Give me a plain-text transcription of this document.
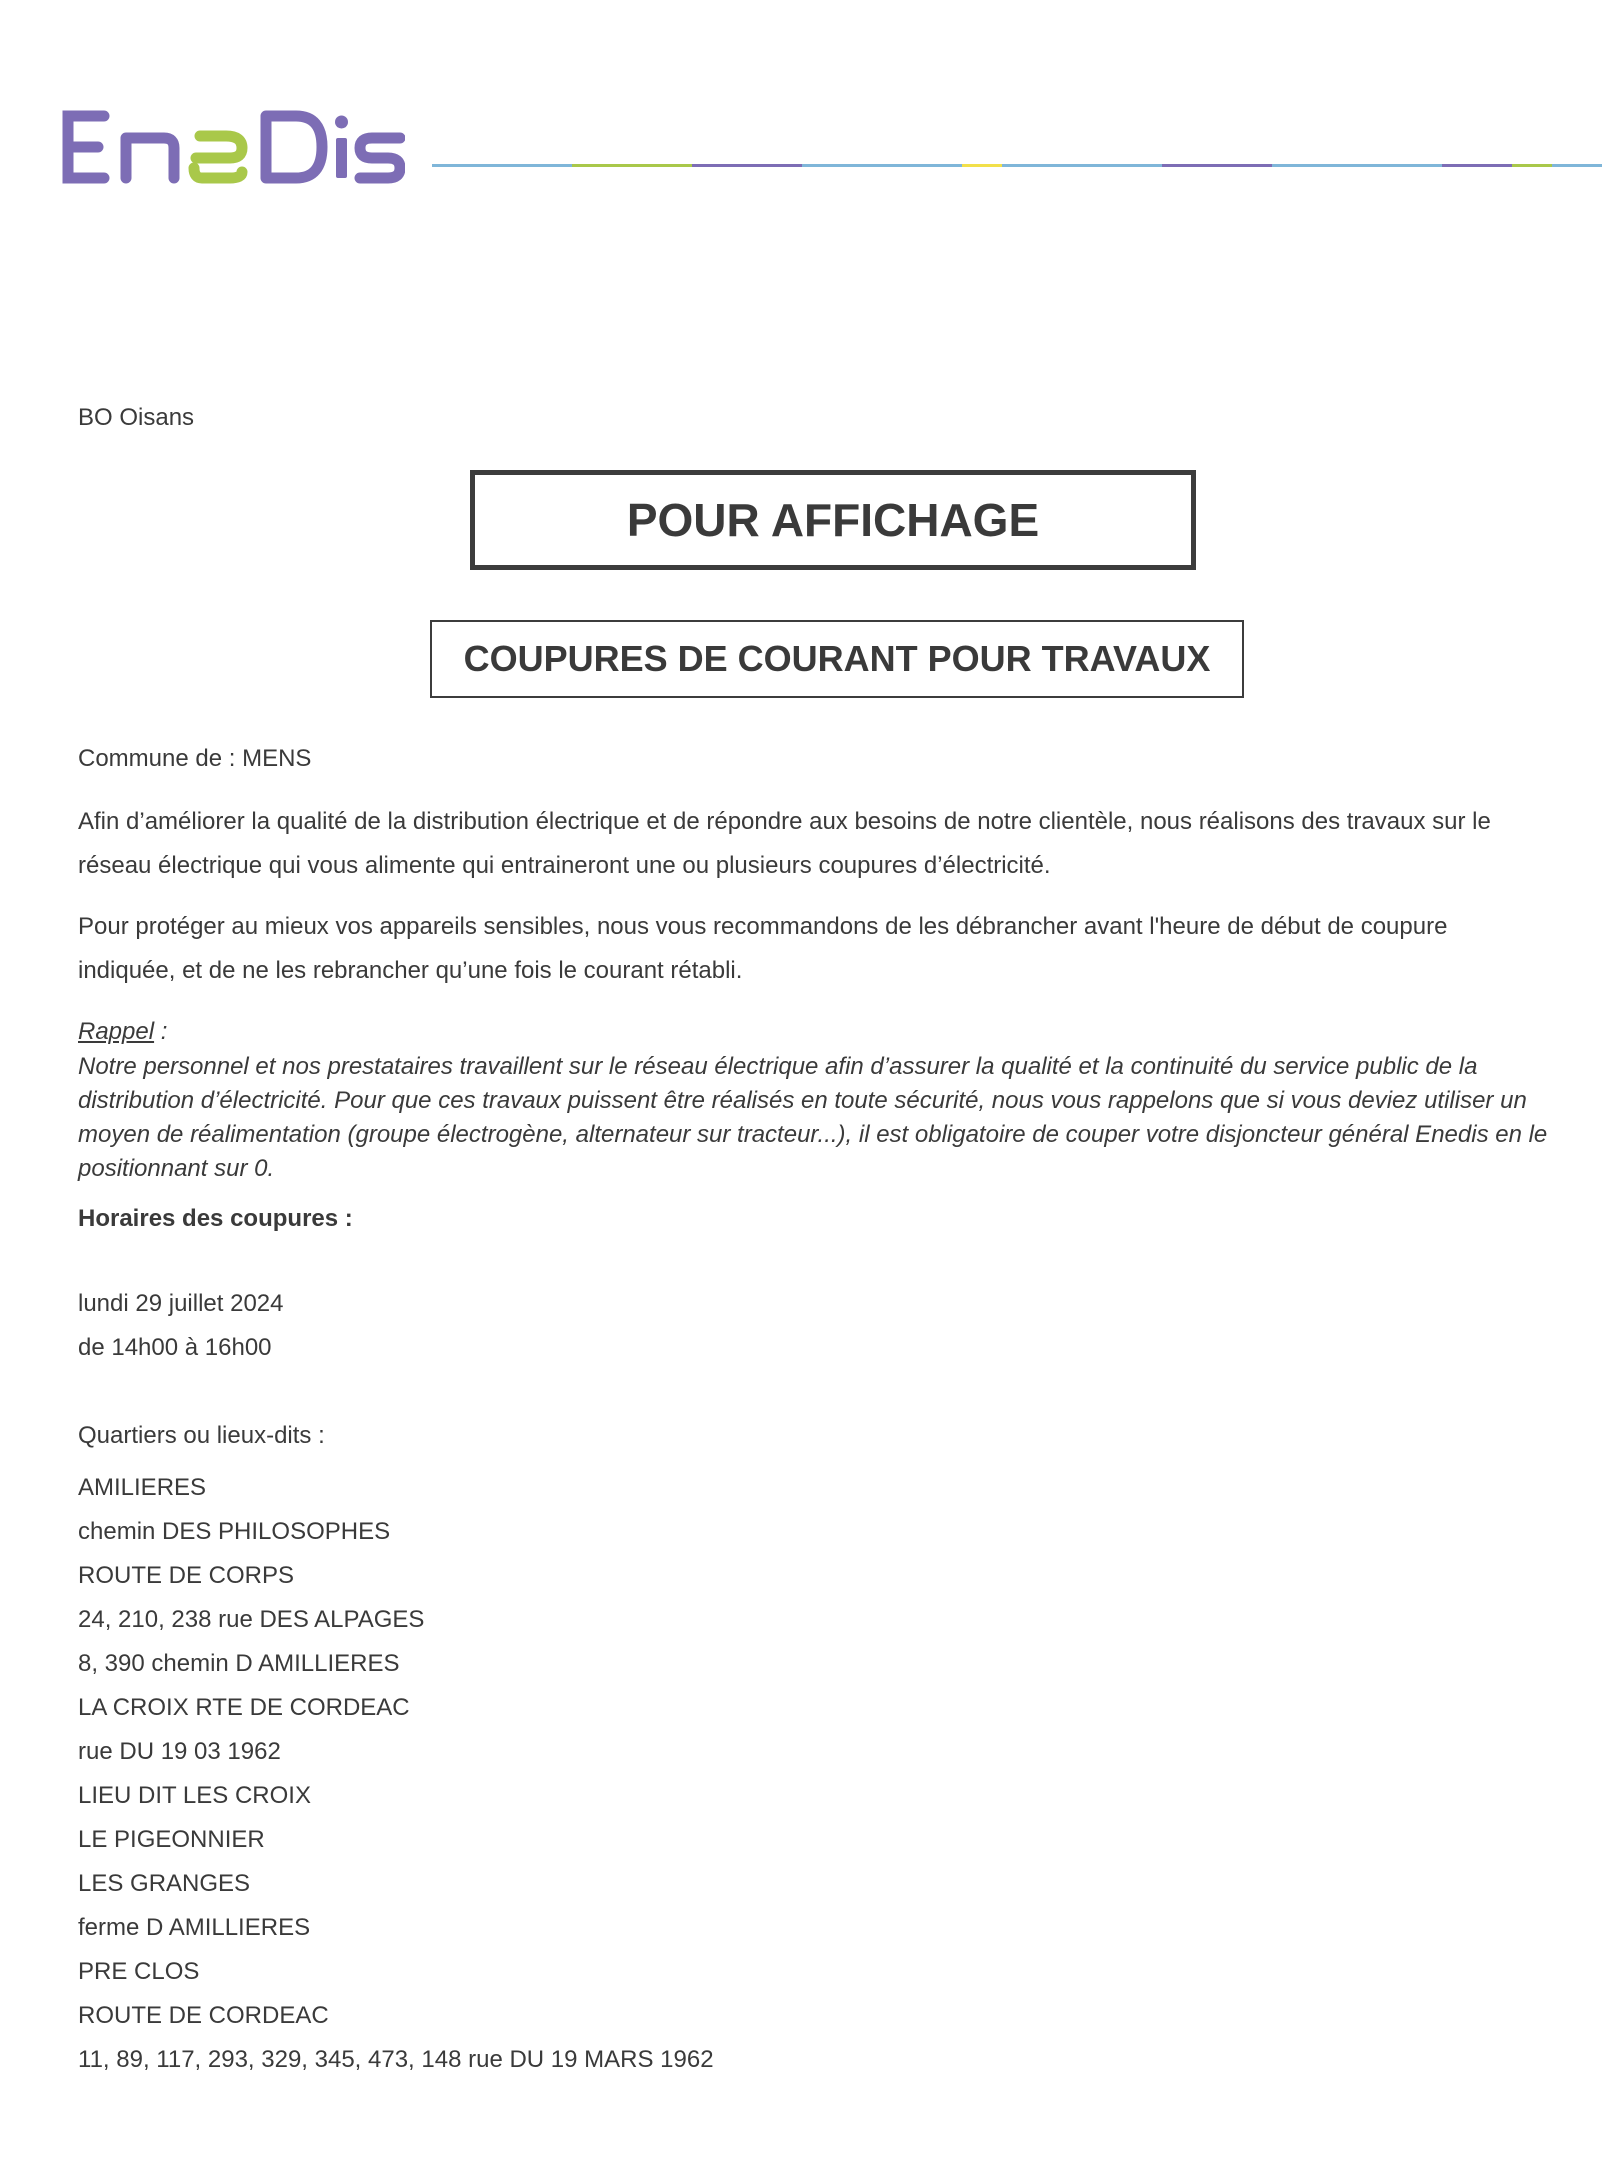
BO Oisans
POUR AFFICHAGE
COUPURES DE COURANT POUR TRAVAUX
Commune de : MENS

Afin d’améliorer la qualité de la distribution électrique et de répondre aux besoins de notre clientèle, nous réalisons des travaux sur le réseau électrique qui vous alimente qui entraineront une ou plusieurs coupures d’électricité.

Pour protéger au mieux vos appareils sensibles, nous vous recommandons de les débrancher avant l'heure de début de coupure indiquée, et de ne les rebrancher qu’une fois le courant rétabli.

Rappel :

Notre personnel et nos prestataires travaillent sur le réseau électrique afin d’assurer la qualité et la continuité du service public de la distribution d’électricité. Pour que ces travaux puissent être réalisés en toute sécurité, nous vous rappelons que si vous deviez utiliser un moyen de réalimentation (groupe électrogène, alternateur sur tracteur...), il est obligatoire de couper votre disjoncteur général Enedis en le positionnant sur 0.

Horaires des coupures :
lundi 29 juillet 2024
de 14h00 à 16h00
Quartiers ou lieux-dits :
AMILIERES
chemin DES PHILOSOPHES
ROUTE DE CORPS
24, 210, 238 rue DES ALPAGES
8, 390 chemin D AMILLIERES
LA CROIX RTE DE CORDEAC
rue DU 19 03 1962
LIEU DIT LES CROIX
LE PIGEONNIER
LES GRANGES
ferme D AMILLIERES
PRE CLOS
ROUTE DE CORDEAC
11, 89, 117, 293, 329, 345, 473, 148 rue DU 19 MARS 1962
